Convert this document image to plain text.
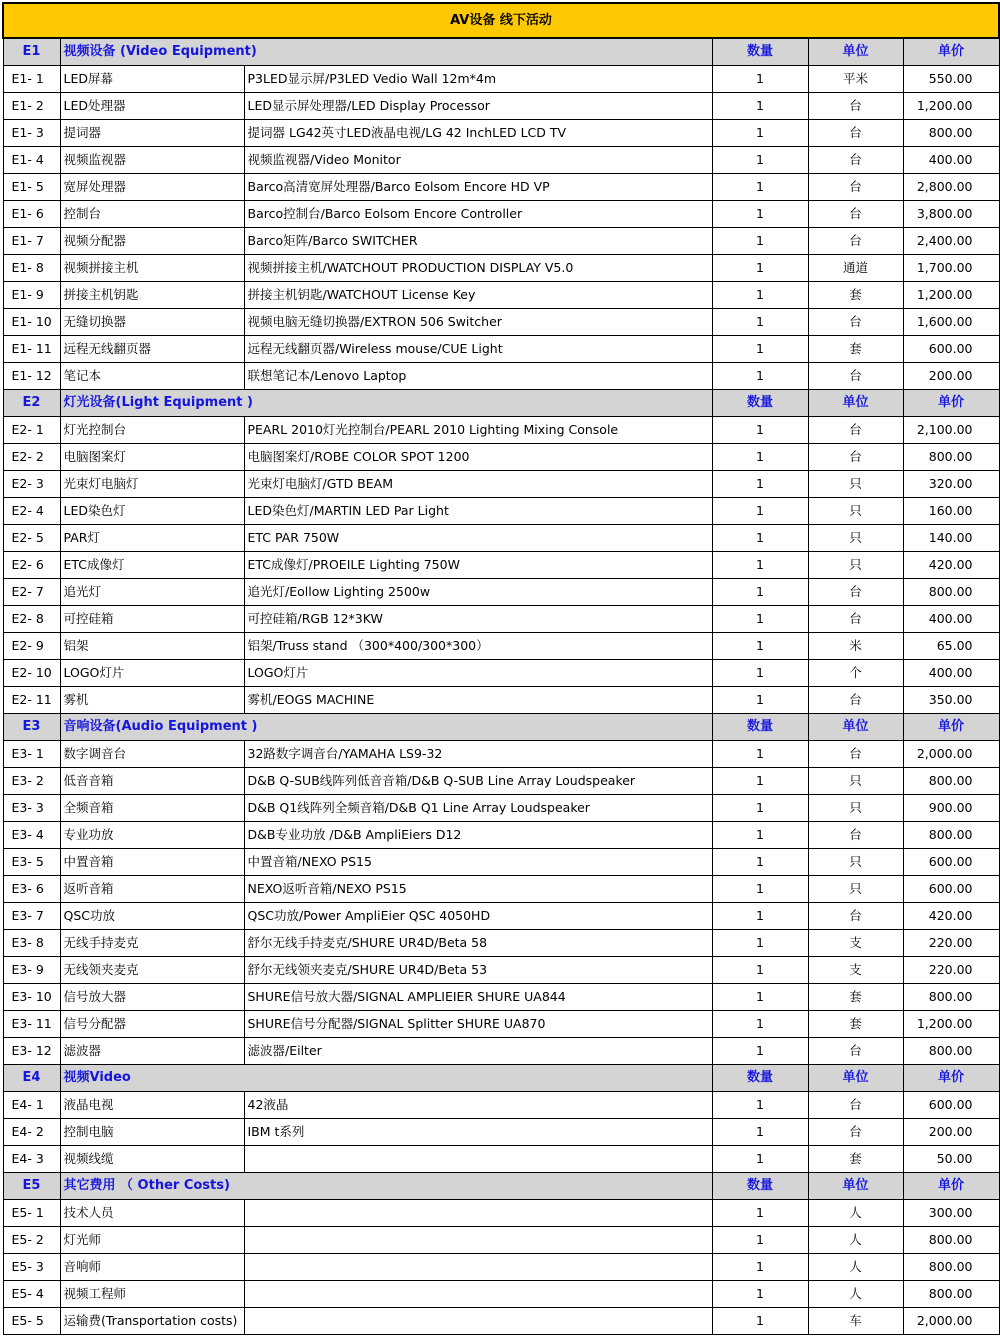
AV设备 线下活动					
E1	视频设备 (Video Equipment)		数量	单位	单价
E1- 1	LED屏幕	P3LED显示屏/P3LED Vedio Wall 12m*4m	1	平米	550.00
E1- 2	LED处理器	LED显示屏处理器/LED Display Processor	1	台	1,200.00
E1- 3	提词器	提词器 LG42英寸LED液晶电视/LG 42 InchLED LCD TV	1	台	800.00
E1- 4	视频监视器	视频监视器/Video Monitor	1	台	400.00
E1- 5	宽屏处理器	Barco高清宽屏处理器/Barco Eolsom Encore HD VP	1	台	2,800.00
E1- 6	控制台	Barco控制台/Barco Eolsom Encore Controller	1	台	3,800.00
E1- 7	视频分配器	Barco矩阵/Barco SWITCHER	1	台	2,400.00
E1- 8	视频拼接主机	视频拼接主机/WATCHOUT PRODUCTION DISPLAY V5.0	1	通道	1,700.00
E1- 9	拼接主机钥匙	拼接主机钥匙/WATCHOUT License Key	1	套	1,200.00
E1- 10	无缝切换器	视频电脑无缝切换器/EXTRON 506 Switcher	1	台	1,600.00
E1- 11	远程无线翻页器	远程无线翻页器/Wireless mouse/CUE Light	1	套	600.00
E1- 12	笔记本	联想笔记本/Lenovo Laptop	1	台	200.00
E2	灯光设备(Light Equipment )		数量	单位	单价
E2- 1	灯光控制台	PEARL 2010灯光控制台/PEARL 2010 Lighting Mixing Console	1	台	2,100.00
E2- 2	电脑图案灯	电脑图案灯/ROBE COLOR SPOT 1200	1	台	800.00
E2- 3	光束灯电脑灯	光束灯电脑灯/GTD BEAM	1	只	320.00
E2- 4	LED染色灯	LED染色灯/MARTIN LED Par Light	1	只	160.00
E2- 5	PAR灯	ETC PAR 750W	1	只	140.00
E2- 6	ETC成像灯	ETC成像灯/PROEILE Lighting 750W	1	只	420.00
E2- 7	追光灯	追光灯/Eollow Lighting 2500w	1	台	800.00
E2- 8	可控硅箱	可控硅箱/RGB 12*3KW	1	台	400.00
E2- 9	铝架	铝架/Truss stand （300*400/300*300）	1	米	65.00
E2- 10	LOGO灯片	LOGO灯片	1	个	400.00
E2- 11	雾机	雾机/EOGS MACHINE	1	台	350.00
E3	音响设备(Audio Equipment )		数量	单位	单价
E3- 1	数字调音台	32路数字调音台/YAMAHA LS9-32	1	台	2,000.00
E3- 2	低音音箱	D&B Q-SUB线阵列低音音箱/D&B Q-SUB Line Array Loudspeaker	1	只	800.00
E3- 3	全频音箱	D&B Q1线阵列全频音箱/D&B Q1 Line Array Loudspeaker	1	只	900.00
E3- 4	专业功放	D&B专业功放 /D&B AmpliEiers D12	1	台	800.00
E3- 5	中置音箱	中置音箱/NEXO PS15	1	只	600.00
E3- 6	返听音箱	NEXO返听音箱/NEXO PS15	1	只	600.00
E3- 7	QSC功放	QSC功放/Power AmpliEier QSC 4050HD	1	台	420.00
E3- 8	无线手持麦克	舒尔无线手持麦克/SHURE UR4D/Beta 58	1	支	220.00
E3- 9	无线领夹麦克	舒尔无线领夹麦克/SHURE UR4D/Beta 53	1	支	220.00
E3- 10	信号放大器	SHURE信号放大器/SIGNAL AMPLIEIER SHURE UA844	1	套	800.00
E3- 11	信号分配器	SHURE信号分配器/SIGNAL Splitter SHURE UA870	1	套	1,200.00
E3- 12	滤波器	滤波器/Eilter	1	台	800.00
E4	视频Video		数量	单位	单价
E4- 1	液晶电视	42液晶	1	台	600.00
E4- 2	控制电脑	IBM t系列	1	台	200.00
E4- 3	视频线缆		1	套	50.00
E5	其它费用 （ Other Costs)		数量	单位	单价
E5- 1	技术人员		1	人	300.00
E5- 2	灯光师		1	人	800.00
E5- 3	音响师		1	人	800.00
E5- 4	视频工程师		1	人	800.00
E5- 5	运输费(Transportation costs)		1	车	2,000.00
